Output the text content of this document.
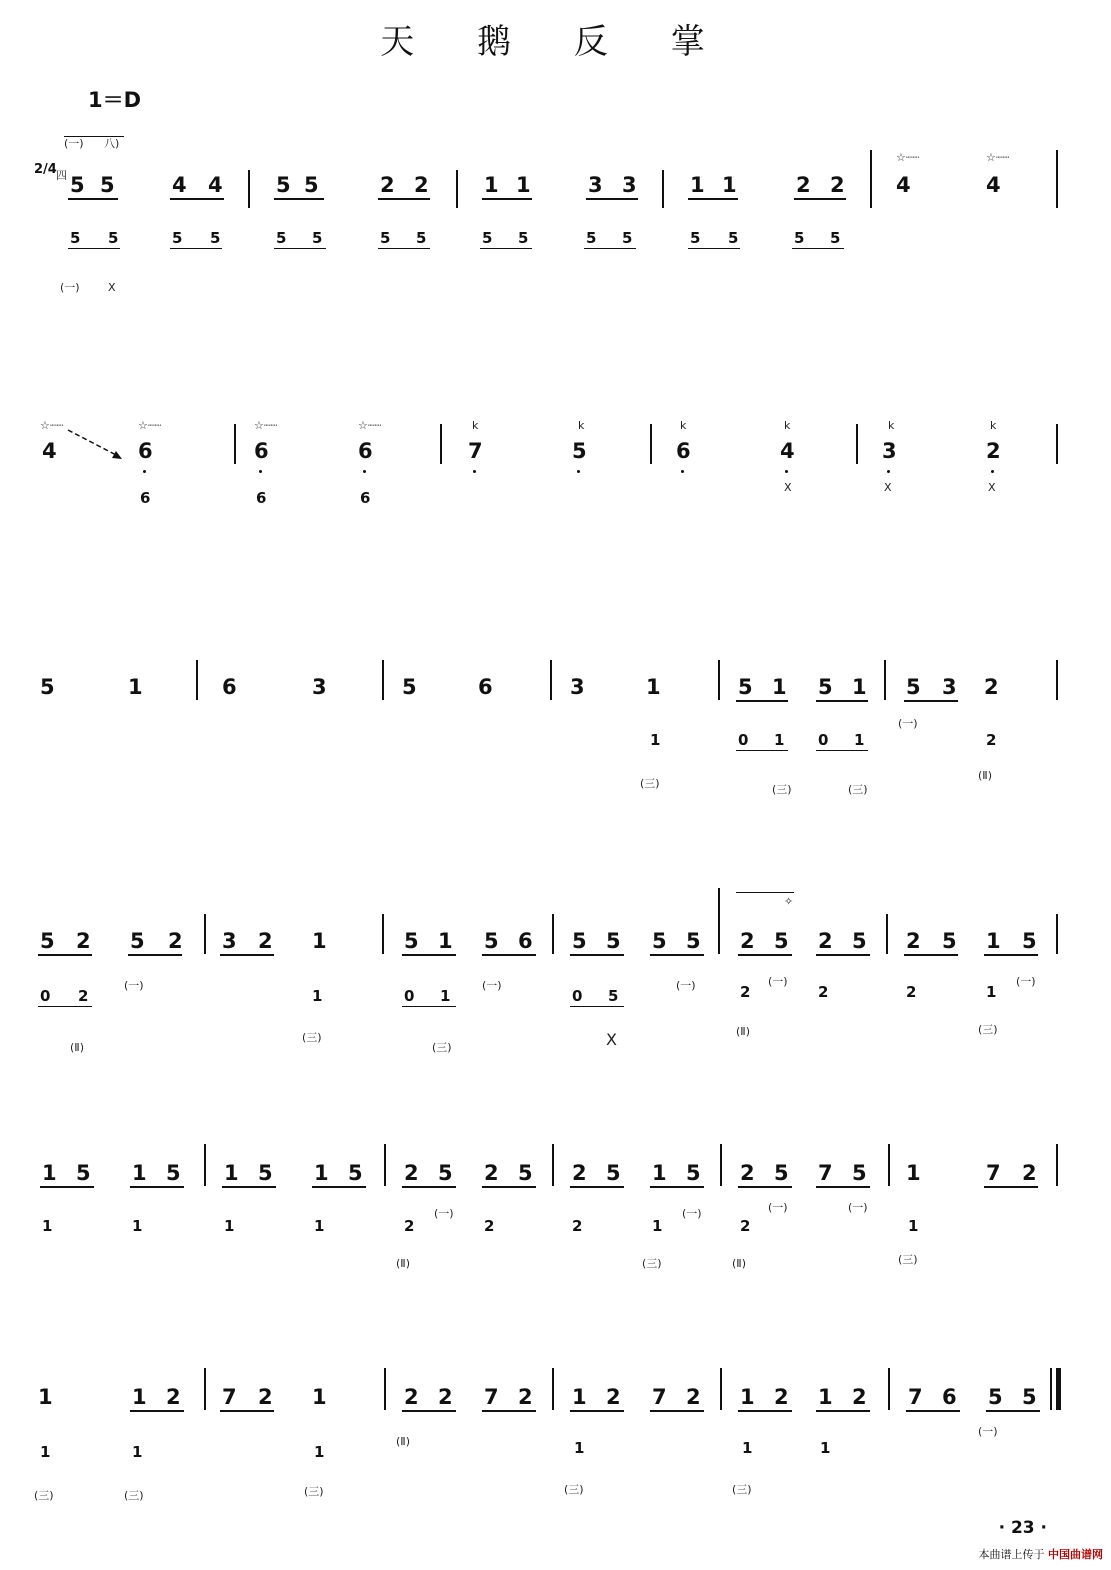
天 鹅 反 掌
1＝D
(一) 八)
2/4 四 5 5	4 4	5 5	2 2	1 1	3 3	1 1	2 2
☆┈┈	☆┈┈
4	4
5 5	5 5	5 5	5 5	5 5	5 5	5 5	5 5
(一)	X
☆┈┈
4
☆┈┈
6
☆┈┈
6
☆┈┈
6
k
7
k
5
k
6
k
4
k
3
k
2
X	X	X
6	6	6
5	1	6	3	5	6	3	1	5 1 5 1 5 3 2
(一)
1	0 1 0 1	2
(三)	(三)	(三)
(Ⅱ)
5 2 5 2 3 2 1	5 1 5 6 5 5 5 5
✧
2 5 2 5 2 5 1 5
0 2	1	0 1	0 5	2	2	2	1
(一)	(一)	(一)	(一)	(一)
(Ⅱ)
(三)
(三)	X	(Ⅱ)	(三)
1 5 1 5 1 5 1 5 2 5 2 5 2 5 1 5 2 5 7 5 1	7 2
1	1	1	1	2	2	2	1	2	1
(一)	(一)	(一)	(一)
(Ⅱ)	(三)	(Ⅱ)	(三)
1	1 2 7 2 1	2 2 7 2 1 2 7 2 1 2 1 2 7 6 5 5
1	1	1	1	1	1
(Ⅱ)
(一)
(三)	(三)	(三)	(三)	(三)
· 23 ·
本曲谱上传于 中国曲谱网
